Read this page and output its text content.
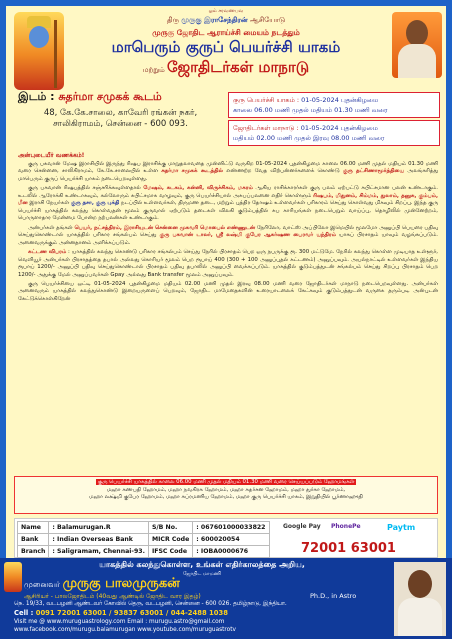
ஓம் சரவணபவ
திரு முருகு இராசேந்திரன் ஆசியோடு
முருகு ஜோதிட ஆராய்ச்சி மையம் நடத்தும்
மாபெரும் குருப் பெயர்ச்சி யாகம்
மற்றும் ஜோதிடர்கள் மாநாடு
இடம் : சுதர்மா சமுகக் கூடம்
48, கே.கே.சாலை, காவேரி ரங்கன் நகர்,
சாலிகிராமம், சென்னை - 600 093.
குரு பெயர்ச்சி யாகம் : 01-05-2024 புதன்கிழமை
காலை 06.00 மணி முதல் மதியம் 01.30 மணி வரை
ஜோதிடர்கள் மாநாடு : 01-05-2024 புதன்கிழமை
மதியம் 02.00 மணி முதல் இரவு 08.00 மணி வரை

அன்புடையீர் வணக்கம்!

குரு பகவான் மேஷ இராசியில் இருந்து ரிஷப இராசிக்கு மாறுதலாவதை முன்னிட்டு வருகிற 01-05-2024 புதன்கிழமை காலை 06.00 மணி முதல் மதியம் 01.30 மணி வரை சென்னை, சாலிகிராமம், கே.கே.சாலையில் உள்ள சுதர்மா சமுகக் கூடத்தில் எண்ணற்ற வேத விற்பன்னர்களைக் கொண்டு குரு தட்சிணாமூர்த்தியை அலங்கரித்து மாபெரும் குருப் பெயர்ச்சி யாகம் நடைபெறவுள்ளது.

குரு பகவான் ரிஷபத்தில் சஞ்சரிக்கவுள்ளதால் மேஷம், கடகம், கன்னி, விருச்சிகம், மகரம் ஆகிய ராசிக்காரர்கள் குரு பலம் ஏற்பட்டு சுபிட்சமான பலன் உண்டாகும். உடலில் ஆரோக்கி உண்டாகவும், கல்லோரும் சுபிட்சமாக வாழவும், குரு பெயர்ச்சியால் அசுபப்பலனை எதிர் கொள்ளும் ரிஷபம், மிதுனம், சிம்மம், துலாம், தனுசு, கும்பம், மீன இராசி நேயர்கள் குரு தசா, குரு புக்தி நடப்பில் உள்ளவர்கள், திருமண தடை, மற்றும் புத்திர தோஷம் உள்ளவர்கள் பரிகாரம் செய்து கொள்வது மிகவும் சிறப்பு. இந்த குரு பெயர்ச்சி யாகத்தில் கலந்து கொள்வதன் மூலம் குருவால் ஏற்படும் தடைகள் விலகி குடும்பத்தில் சுப காரியங்கள் நடைபெறும் வாய்ப்பு, தொழிலில் முன்னேற்றம், பொருளாதார மேன்மை போன்ற நற்பலன்கள் உண்டாகும்.

அன்பர்கள் தங்கள் பெயர், நட்சத்திரம், இராசியுடன் சென்னை முகவரி மொபைல் எண்ணுடன் நேரிலோ, வாட்ஸ் அப்பிலோ இமெயில் மூலமோ அனுப்பி பெயரை பதிவு செய்துகொண்டால் யாகத்தில் பரிகார சங்கல்பம் செய்து குரு பகவான் டாலர், ஸ்ரீ லஷ்மி குபேர ஆகர்ஷண பைரவர் யந்திரம் யாகப் பிரசாதம் யாவும் வழங்கப்படும். அனைவருக்கும் அன்னதானம் அளிக்கப்படும்.

கட்டண விபரம் : யாகத்தில் கலந்து கொண்டு பரிகார சங்கல்பம் செய்து நேரில் பிரசாதம் பெற ஒரு நபருக்கு ரூ. 300 மட்டுமே. நேரில் கலந்து கொள்ள முடியாத உள்ளூர், வெளியூர் அன்பர்கள் பிரசாதத்தை தபால் அல்லது கொரியர் மூலம் பெற ரூபாய் 400 (300 + 100 அனுப்புதல் கட்டணம்) அனுப்பவும். அயல்நாட்டில் உள்ளவர்கள் இந்திய ரூபாய் 1200/- அனுப்பி பதிவு செய்துகொண்டால் பிரசாதம் பதிவு தபாலில் அனுப்பி வைக்கப்படும். யாகத்தில் குடும்பத்துடன் சங்கல்பம் செய்து சிறப்பு பிரசாதம் பெற 1200/- அதுக்கு மேல் அனுப்பவர்கள் Gpay அல்லது Bank transfer மூலம் அனுப்பவும்.

குரு பெயர்ச்சியை ஒட்டி 01-05-2024 புதன்கிழமை மதியம் 02.00 மணி முதல் இரவு 08.00 மணி வரை ஜோதிடர்கள் மாநாடு நடைபெறவுள்ளது. அன்பர்கள் அனைவரும் யாகத்தில் கலந்துகொண்டு இறையருளைப் பெறவும், ஜோதிட மாமேதைகளின் உரையாடலைக் கேட்கவும் குடும்பத்துடன் வருகை தரும்படி அன்புடன் கேட்டுக்கொள்கிறேன்

குரு பெயர்ச்சி யாகத்தில் காலை 06.00 மணி முதல் மதியம் 01.30 மணி வரை செய்யப்படும் ஹோமங்கள்
மஹா கணபதி ஹோமம், மஹா நவகிரக ஹோமம், மஹா சுதர்சன ஹோமம், மஹா துர்கா ஹோமம்,
மஹா லக்ஷ்மி குபேர ஹோமம், மஹா சுப்ரமணிய ஹோமம், மஹா குரு பெயர்ச்சி யாகம், இறுதியில் பூர்ணாஹுதி
Name	: Balamurugan.R	S/B No.	: 067601000033822
Bank	: Indian Overseas Bank	MICR Code	: 600020054
Branch	: Saligramam, Chennai-93.	IFSC Code	: IOBA0000676
Google Pay PhonePe	Paytm
72001 63001
யாகத்தில் கலந்துகொள்ள, உங்கள் எதிர்காலத்தை அறிய,
ஜோதிட மாமணி
முனைவர் முருகு பாலமுருகன்
ஆசிரியர் - பாலஜோதிடம் (40வது ஆண்டில் ஜோதிட வார இதழ்)	Ph.D., in Astro
நெ. 19/33, வடபழனி ஆண்டவர் கோவில் தெரு, வடபழனி, சென்னை - 600 026. தமிழ்நாடு, இந்தியா.
Cell : 0091 72001 63001 / 93837 63001 / 044-2488 1038
Visit me @ www.muruguastrology.com Email : murugu.astro@gmail.com
www.facebook.com/murugu.balamurugan www.youtube.com/muruguastrotv
